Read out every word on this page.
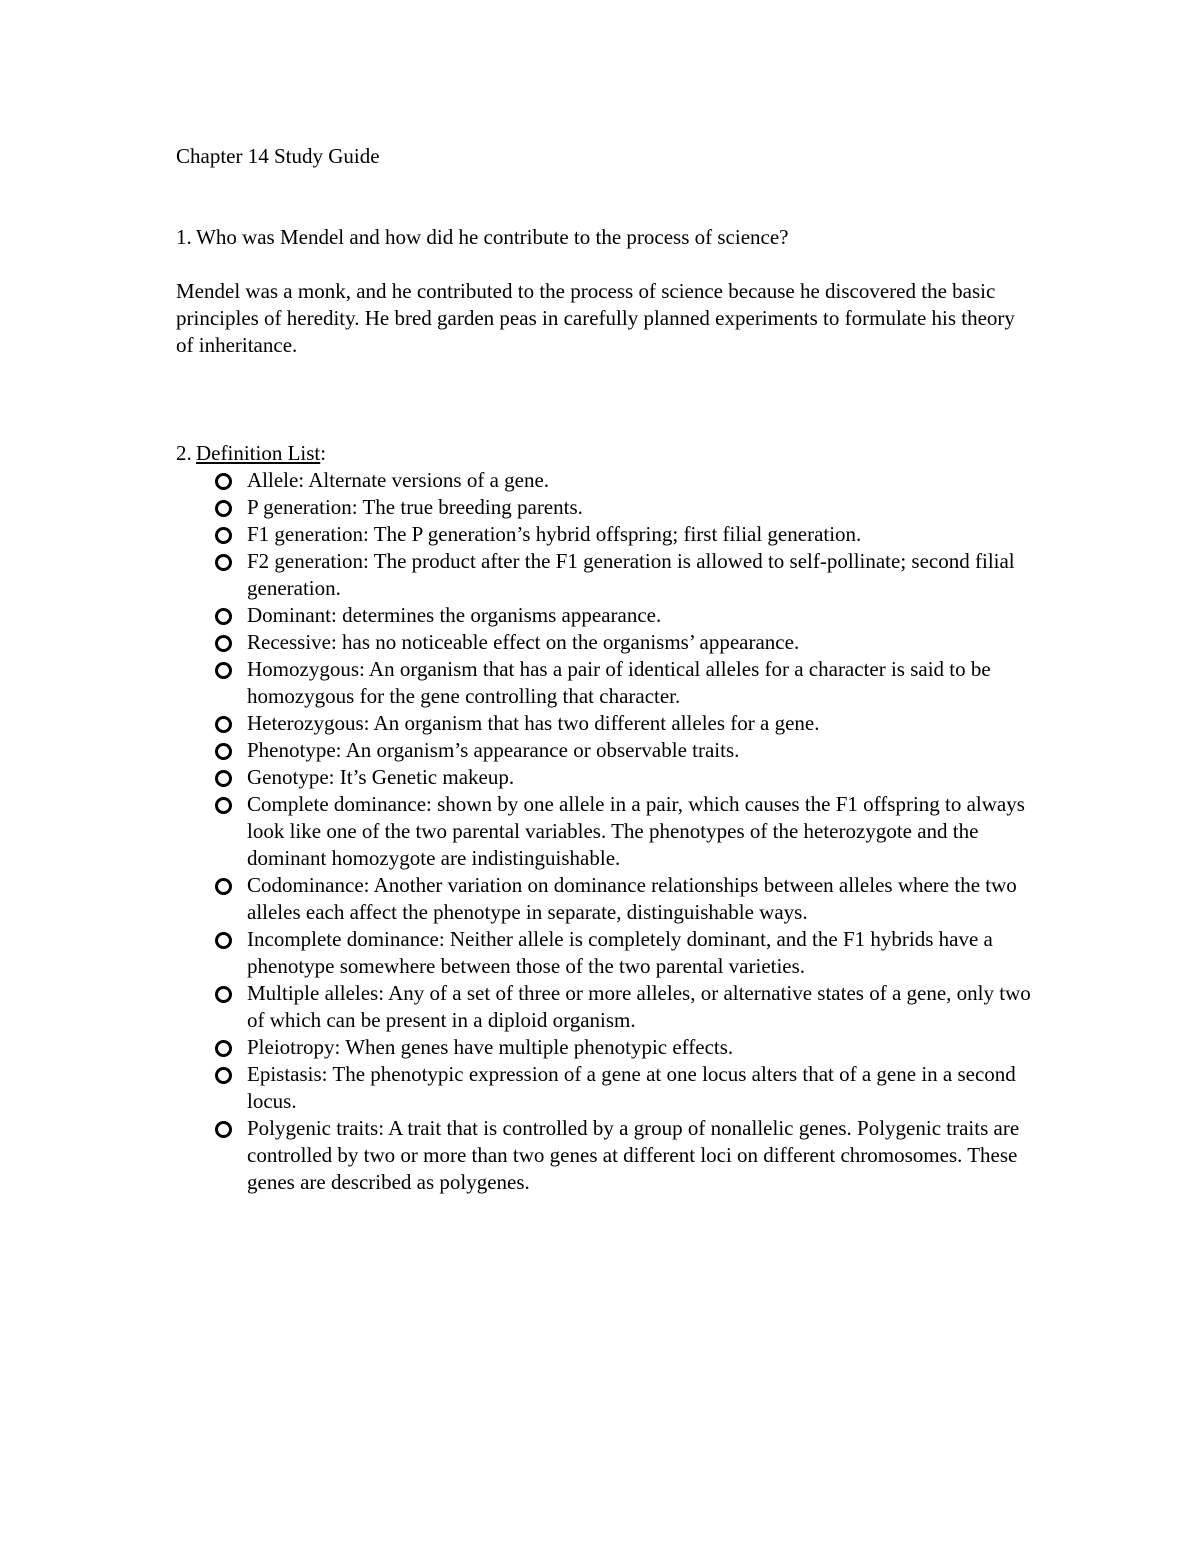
Chapter 14 Study Guide
1. Who was Mendel and how did he contribute to the process of science?
Mendel was a monk, and he contributed to the process of science because he discovered the basic principles of heredity. He bred garden peas in carefully planned experiments to formulate his theory of inheritance.
2. Definition List:
Allele: Alternate versions of a gene.
P generation: The true breeding parents.
F1 generation: The P generation’s hybrid offspring; first filial generation.
F2 generation: The product after the F1 generation is allowed to self-pollinate; second filial generation.
Dominant: determines the organisms appearance.
Recessive: has no noticeable effect on the organisms’ appearance.
Homozygous: An organism that has a pair of identical alleles for a character is said to be homozygous for the gene controlling that character.
Heterozygous: An organism that has two different alleles for a gene.
Phenotype: An organism’s appearance or observable traits.
Genotype: It’s Genetic makeup.
Complete dominance: shown by one allele in a pair, which causes the F1 offspring to always look like one of the two parental variables. The phenotypes of the heterozygote and the dominant homozygote are indistinguishable.
Codominance: Another variation on dominance relationships between alleles where the two alleles each affect the phenotype in separate, distinguishable ways.
Incomplete dominance: Neither allele is completely dominant, and the F1 hybrids have a phenotype somewhere between those of the two parental varieties.
Multiple alleles: Any of a set of three or more alleles, or alternative states of a gene, only two of which can be present in a diploid organism.
Pleiotropy: When genes have multiple phenotypic effects.
Epistasis: The phenotypic expression of a gene at one locus alters that of a gene in a second locus.
Polygenic traits: A trait that is controlled by a group of nonallelic genes. Polygenic traits are controlled by two or more than two genes at different loci on different chromosomes. These genes are described as polygenes.
